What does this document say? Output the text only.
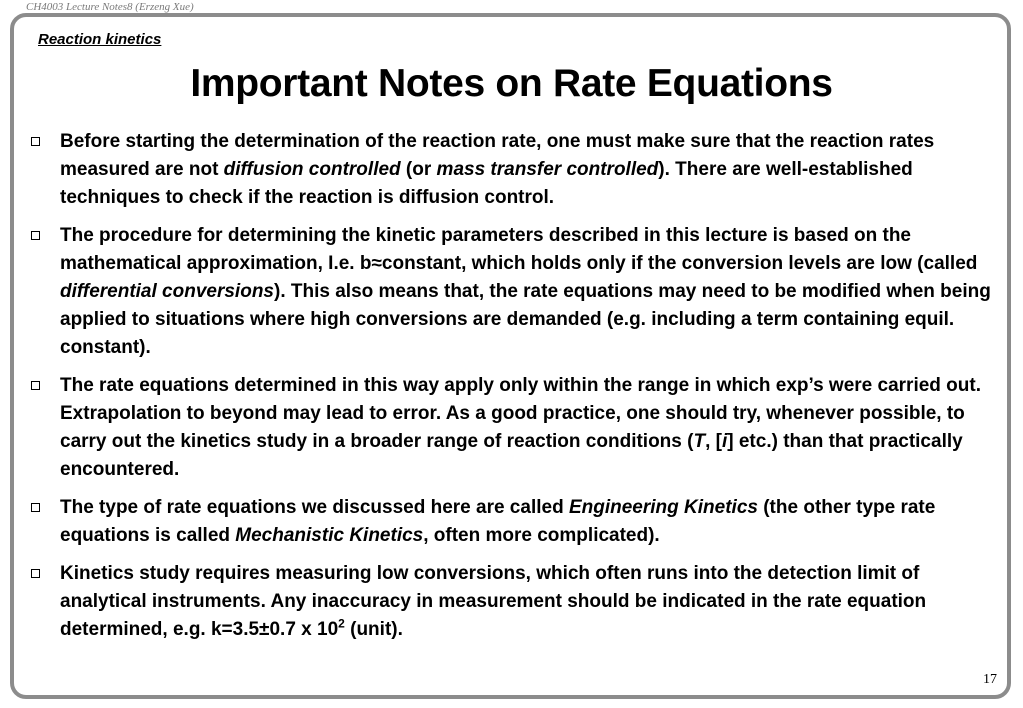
CH4003 Lecture Notes8 (Erzeng Xue)
Reaction kinetics
Important Notes on Rate Equations
Before starting the determination of the reaction rate, one must make sure that the reaction rates measured are not diffusion controlled (or mass transfer controlled). There are well-established techniques to check if the reaction is diffusion control.
The procedure for determining the kinetic parameters described in this lecture is based on the mathematical approximation, I.e. b≈constant, which holds only if the conversion levels are low (called differential conversions). This also means that, the rate equations may need to be modified when being applied to situations where high conversions are demanded (e.g. including a term containing equil. constant).
The rate equations determined in this way apply only within the range in which exp’s were carried out. Extrapolation to beyond may lead to error. As a good practice, one should try, whenever possible, to carry out the kinetics study in a broader range of reaction conditions (T, [i] etc.) than that practically encountered.
The type of rate equations we discussed here are called Engineering Kinetics (the other type rate equations is called Mechanistic Kinetics, often more complicated).
Kinetics study requires measuring low conversions, which often runs into the detection limit of analytical instruments. Any inaccuracy in measurement should be indicated in the rate equation determined, e.g. k=3.5±0.7 x $10^2$ (unit).
17
